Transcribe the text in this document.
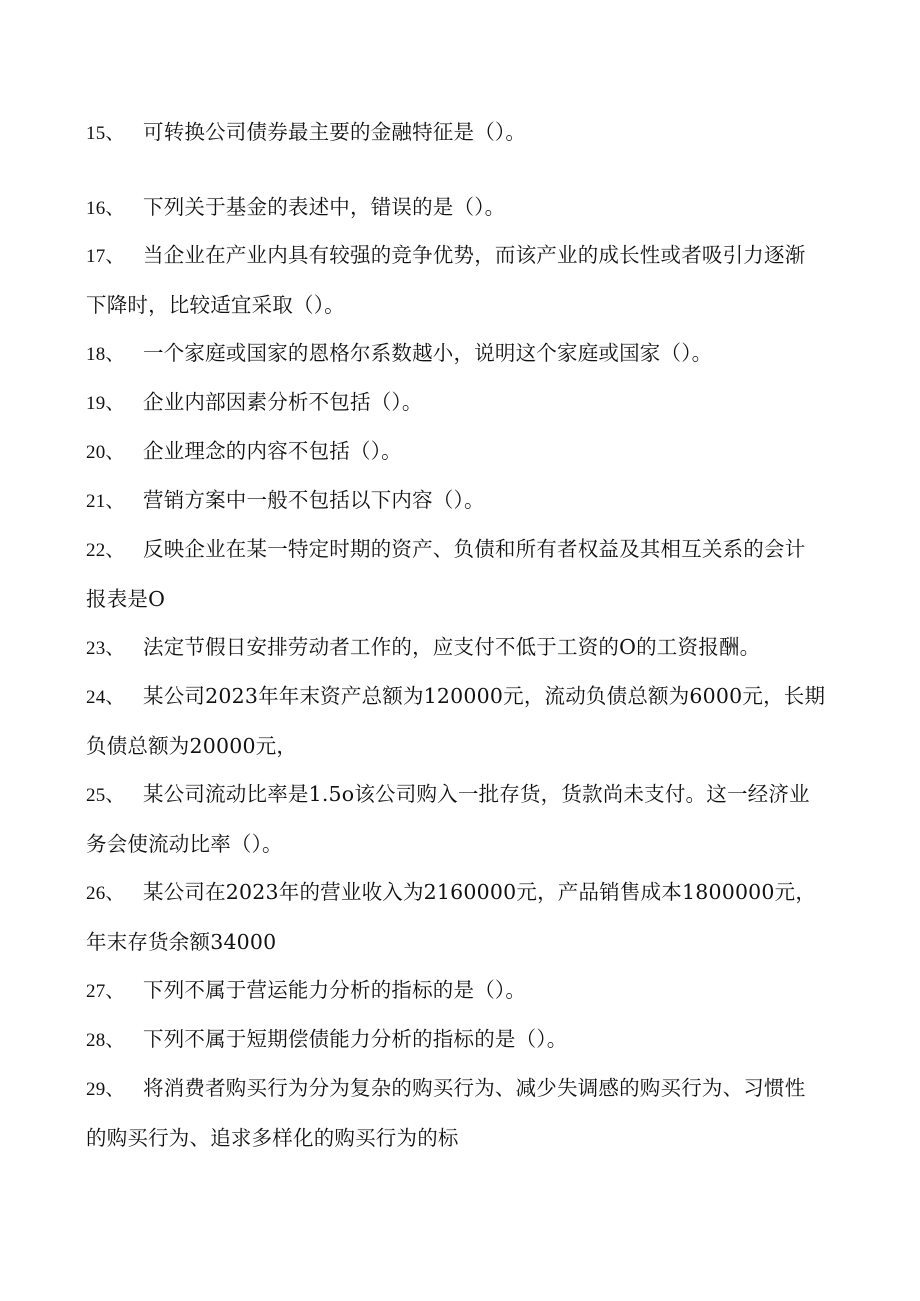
15、 可转换公司债券最主要的金融特征是（）。
16、 下列关于基金的表述中，错误的是（）。
17、 当企业在产业内具有较强的竞争优势，而该产业的成长性或者吸引力逐渐下降时，比较适宜采取（）。
18、 一个家庭或国家的恩格尔系数越小，说明这个家庭或国家（）。
19、 企业内部因素分析不包括（）。
20、 企业理念的内容不包括（）。
21、 营销方案中一般不包括以下内容（）。
22、 反映企业在某一特定时期的资产、负债和所有者权益及其相互关系的会计报表是O
23、 法定节假日安排劳动者工作的，应支付不低于工资的O的工资报酬。
24、 某公司2023年年末资产总额为120000元，流动负债总额为6000元，长期负债总额为20000元，
25、 某公司流动比率是1.5o该公司购入一批存货，货款尚未支付。这一经济业务会使流动比率（）。
26、 某公司在2023年的营业收入为2160000元，产品销售成本1800000元，年末存货余额34000
27、 下列不属于营运能力分析的指标的是（）。
28、 下列不属于短期偿债能力分析的指标的是（）。
29、 将消费者购买行为分为复杂的购买行为、减少失调感的购买行为、习惯性的购买行为、追求多样化的购买行为的标
